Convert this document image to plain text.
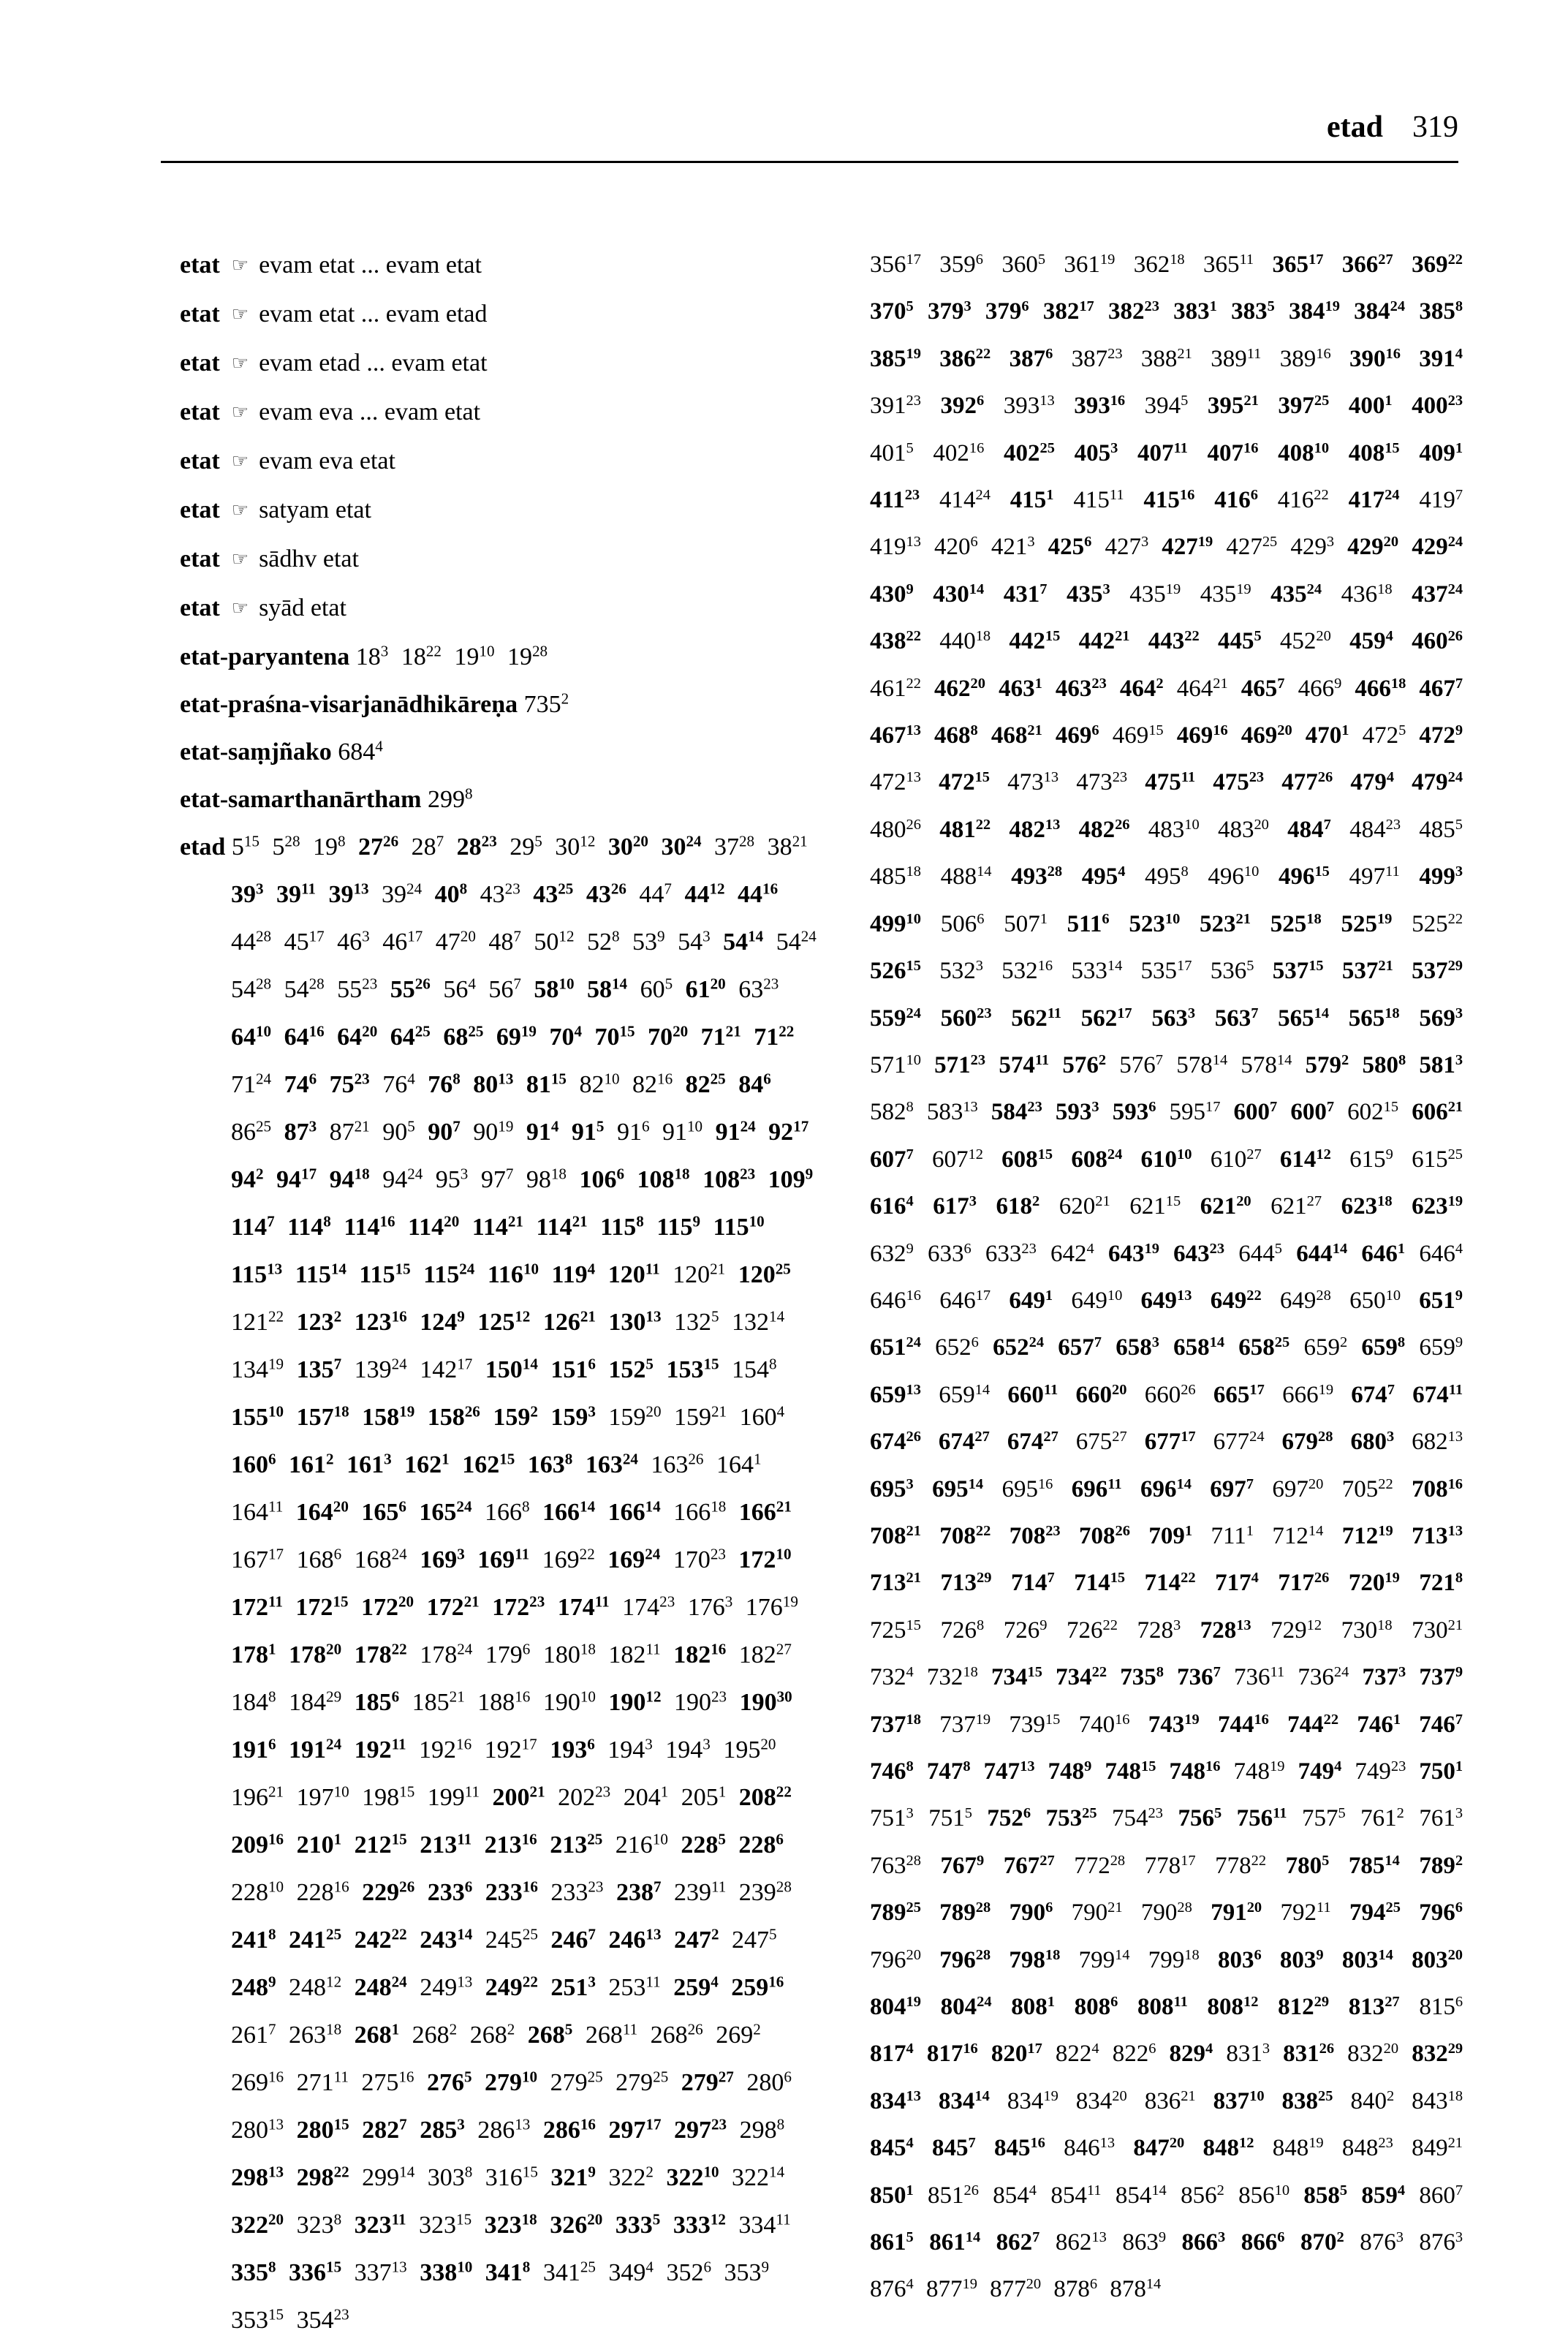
etad 319
etat ☞ evam etat ... evam etat
etat ☞ evam etat ... evam etad
etat ☞ evam etad ... evam etat
etat ☞ evam eva ... evam etat
etat ☞ evam eva etat
etat ☞ satyam etat
etat ☞ sādhv etat
etat ☞ syād etat
etat-paryantena $18^3$ $18^{22}$ $19^{10}$ $19^{28}$
etat-praśna-visarjanādhikāreṇa $735^2$
etat-saṃjñako $684^4$
etat-samarthanārtham $299^8$
etad $5^{15}$ $5^{28}$ $19^8$ $27^{26}$ $28^7$ $28^{23}$ $29^5$ $30^{12}$ $30^{20}$ $30^{24}$ $37^{28}$ $38^{21}$ $39^3$ $39^{11}$ $39^{13}$ $39^{24}$ $40^8$ $43^{23}$ $43^{25}$ $43^{26}$ $44^7$ $44^{12}$ $44^{16}$ $44^{28}$ $45^{17}$ $46^3$ $46^{17}$ $47^{20}$ $48^7$ $50^{12}$ $52^8$ $53^9$ $54^3$ $54^{14}$ $54^{24}$ $54^{28}$ $54^{28}$ $55^{23}$ $55^{26}$ $56^4$ $56^7$ $58^{10}$ $58^{14}$ $60^5$ $61^{20}$ $63^{23}$ $64^{10}$ $64^{16}$ $64^{20}$ $64^{25}$ $68^{25}$ $69^{19}$ $70^4$ $70^{15}$ $70^{20}$ $71^{21}$ $71^{22}$ $71^{24}$ $74^6$ $75^{23}$ $76^4$ $76^8$ $80^{13}$ $81^{15}$ $82^{10}$ $82^{16}$ $82^{25}$ $84^6$ $86^{25}$ $87^3$ $87^{21}$ $90^5$ $90^7$ $90^{19}$ $91^4$ $91^5$ $91^6$ $91^{10}$ $91^{24}$ $92^{17}$ $94^2$ $94^{17}$ $94^{18}$ $94^{24}$ $95^3$ $97^7$ $98^{18}$ $106^6$ $108^{18}$ $108^{23}$ $109^9$ $114^7$ $114^8$ $114^{16}$ $114^{20}$ $114^{21}$ $114^{21}$ $115^8$ $115^9$ $115^{10}$ $115^{13}$ $115^{14}$ $115^{15}$ $115^{24}$ $116^{10}$ $119^4$ $120^{11}$ $120^{21}$ $120^{25}$ $121^{22}$ $123^2$ $123^{16}$ $124^9$ $125^{12}$ $126^{21}$ $130^{13}$ $132^5$ $132^{14}$ $134^{19}$ $135^7$ $139^{24}$ $142^{17}$ $150^{14}$ $151^6$ $152^5$ $153^{15}$ $154^8$ $155^{10}$ $157^{18}$ $158^{19}$ $158^{26}$ $159^2$ $159^3$ $159^{20}$ $159^{21}$ $160^4$ $160^6$ $161^2$ $161^3$ $162^1$ $162^{15}$ $163^8$ $163^{24}$ $163^{26}$ $164^1$ $164^{11}$ $164^{20}$ $165^6$ $165^{24}$ $166^8$ $166^{14}$ $166^{14}$ $166^{18}$ $166^{21}$ $167^{17}$ $168^6$ $168^{24}$ $169^3$ $169^{11}$ $169^{22}$ $169^{24}$ $170^{23}$ $172^{10}$ $172^{11}$ $172^{15}$ $172^{20}$ $172^{21}$ $172^{23}$ $174^{11}$ $174^{23}$ $176^3$ $176^{19}$ $178^1$ $178^{20}$ $178^{22}$ $178^{24}$ $179^6$ $180^{18}$ $182^{11}$ $182^{16}$ $182^{27}$ $184^8$ $184^{29}$ $185^6$ $185^{21}$ $188^{16}$ $190^{10}$ $190^{12}$ $190^{23}$ $190^{30}$ $191^6$ $191^{24}$ $192^{11}$ $192^{16}$ $192^{17}$ $193^6$ $194^3$ $194^3$ $195^{20}$ $196^{21}$ $197^{10}$ $198^{15}$ $199^{11}$ $200^{21}$ $202^{23}$ $204^1$ $205^1$ $208^{22}$ $209^{16}$ $210^1$ $212^{15}$ $213^{11}$ $213^{16}$ $213^{25}$ $216^{10}$ $228^5$ $228^6$ $228^{10}$ $228^{16}$ $229^{26}$ $233^6$ $233^{16}$ $233^{23}$ $238^7$ $239^{11}$ $239^{28}$ $241^8$ $241^{25}$ $242^{22}$ $243^{14}$ $245^{25}$ $246^7$ $246^{13}$ $247^2$ $247^5$ $248^9$ $248^{12}$ $248^{24}$ $249^{13}$ $249^{22}$ $251^3$ $253^{11}$ $259^4$ $259^{16}$ $261^7$ $263^{18}$ $268^1$ $268^2$ $268^2$ $268^5$ $268^{11}$ $268^{26}$ $269^2$ $269^{16}$ $271^{11}$ $275^{16}$ $276^5$ $279^{10}$ $279^{25}$ $279^{25}$ $279^{27}$ $280^6$ $280^{13}$ $280^{15}$ $282^7$ $285^3$ $286^{13}$ $286^{16}$ $297^{17}$ $297^{23}$ $298^8$ $298^{13}$ $298^{22}$ $299^{14}$ $303^8$ $316^{15}$ $321^9$ $322^2$ $322^{10}$ $322^{14}$ $322^{20}$ $323^8$ $323^{11}$ $323^{15}$ $323^{18}$ $326^{20}$ $333^5$ $333^{12}$ $334^{11}$ $335^8$ $336^{15}$ $337^{13}$ $338^{10}$ $341^8$ $341^{25}$ $349^4$ $352^6$ $353^9$ $353^{15}$ $354^{23}$
$356^{17}$ $359^6$ $360^5$ $361^{19}$ $362^{18}$ $365^{11}$ $365^{17}$ $366^{27}$ $369^{22}$ $370^5$ $379^3$ $379^6$ $382^{17}$ $382^{23}$ $383^1$ $383^5$ $384^{19}$ $384^{24}$ $385^8$ $385^{19}$ $386^{22}$ $387^6$ $387^{23}$ $388^{21}$ $389^{11}$ $389^{16}$ $390^{16}$ $391^4$ $391^{23}$ $392^6$ $393^{13}$ $393^{16}$ $394^5$ $395^{21}$ $397^{25}$ $400^1$ $400^{23}$ $401^5$ $402^{16}$ $402^{25}$ $405^3$ $407^{11}$ $407^{16}$ $408^{10}$ $408^{15}$ $409^1$ $411^{23}$ $414^{24}$ $415^1$ $415^{11}$ $415^{16}$ $416^6$ $416^{22}$ $417^{24}$ $419^7$ $419^{13}$ $420^6$ $421^3$ $425^6$ $427^3$ $427^{19}$ $427^{25}$ $429^3$ $429^{20}$ $429^{24}$ $430^9$ $430^{14}$ $431^7$ $435^3$ $435^{19}$ $435^{19}$ $435^{24}$ $436^{18}$ $437^{24}$ $438^{22}$ $440^{18}$ $442^{15}$ $442^{21}$ $443^{22}$ $445^5$ $452^{20}$ $459^4$ $460^{26}$ $461^{22}$ $462^{20}$ $463^1$ $463^{23}$ $464^2$ $464^{21}$ $465^7$ $466^9$ $466^{18}$ $467^7$ $467^{13}$ $468^8$ $468^{21}$ $469^6$ $469^{15}$ $469^{16}$ $469^{20}$ $470^1$ $472^5$ $472^9$ $472^{13}$ $472^{15}$ $473^{13}$ $473^{23}$ $475^{11}$ $475^{23}$ $477^{26}$ $479^4$ $479^{24}$ $480^{26}$ $481^{22}$ $482^{13}$ $482^{26}$ $483^{10}$ $483^{20}$ $484^7$ $484^{23}$ $485^5$ $485^{18}$ $488^{14}$ $493^{28}$ $495^4$ $495^8$ $496^{10}$ $496^{15}$ $497^{11}$ $499^3$ $499^{10}$ $506^6$ $507^1$ $511^6$ $523^{10}$ $523^{21}$ $525^{18}$ $525^{19}$ $525^{22}$ $526^{15}$ $532^3$ $532^{16}$ $533^{14}$ $535^{17}$ $536^5$ $537^{15}$ $537^{21}$ $537^{29}$ $559^{24}$ $560^{23}$ $562^{11}$ $562^{17}$ $563^3$ $563^7$ $565^{14}$ $565^{18}$ $569^3$ $571^{10}$ $571^{23}$ $574^{11}$ $576^2$ $576^7$ $578^{14}$ $578^{14}$ $579^2$ $580^8$ $581^3$ $582^8$ $583^{13}$ $584^{23}$ $593^3$ $593^6$ $595^{17}$ $600^7$ $600^7$ $602^{15}$ $606^{21}$ $607^7$ $607^{12}$ $608^{15}$ $608^{24}$ $610^{10}$ $610^{27}$ $614^{12}$ $615^9$ $615^{25}$ $616^4$ $617^3$ $618^2$ $620^{21}$ $621^{15}$ $621^{20}$ $621^{27}$ $623^{18}$ $623^{19}$ $632^9$ $633^6$ $633^{23}$ $642^4$ $643^{19}$ $643^{23}$ $644^5$ $644^{14}$ $646^1$ $646^4$ $646^{16}$ $646^{17}$ $649^1$ $649^{10}$ $649^{13}$ $649^{22}$ $649^{28}$ $650^{10}$ $651^9$ $651^{24}$ $652^6$ $652^{24}$ $657^7$ $658^3$ $658^{14}$ $658^{25}$ $659^2$ $659^8$ $659^9$ $659^{13}$ $659^{14}$ $660^{11}$ $660^{20}$ $660^{26}$ $665^{17}$ $666^{19}$ $674^7$ $674^{11}$ $674^{26}$ $674^{27}$ $674^{27}$ $675^{27}$ $677^{17}$ $677^{24}$ $679^{28}$ $680^3$ $682^{13}$ $695^3$ $695^{14}$ $695^{16}$ $696^{11}$ $696^{14}$ $697^7$ $697^{20}$ $705^{22}$ $708^{16}$ $708^{21}$ $708^{22}$ $708^{23}$ $708^{26}$ $709^1$ $711^1$ $712^{14}$ $712^{19}$ $713^{13}$ $713^{21}$ $713^{29}$ $714^7$ $714^{15}$ $714^{22}$ $717^4$ $717^{26}$ $720^{19}$ $721^8$ $725^{15}$ $726^8$ $726^9$ $726^{22}$ $728^3$ $728^{13}$ $729^{12}$ $730^{18}$ $730^{21}$ $732^4$ $732^{18}$ $734^{15}$ $734^{22}$ $735^8$ $736^7$ $736^{11}$ $736^{24}$ $737^3$ $737^9$ $737^{18}$ $737^{19}$ $739^{15}$ $740^{16}$ $743^{19}$ $744^{16}$ $744^{22}$ $746^1$ $746^7$ $746^8$ $747^8$ $747^{13}$ $748^9$ $748^{15}$ $748^{16}$ $748^{19}$ $749^4$ $749^{23}$ $750^1$ $751^3$ $751^5$ $752^6$ $753^{25}$ $754^{23}$ $756^5$ $756^{11}$ $757^5$ $761^2$ $761^3$ $763^{28}$ $767^9$ $767^{27}$ $772^{28}$ $778^{17}$ $778^{22}$ $780^5$ $785^{14}$ $789^2$ $789^{25}$ $789^{28}$ $790^6$ $790^{21}$ $790^{28}$ $791^{20}$ $792^{11}$ $794^{25}$ $796^6$ $796^{20}$ $796^{28}$ $798^{18}$ $799^{14}$ $799^{18}$ $803^6$ $803^9$ $803^{14}$ $803^{20}$ $804^{19}$ $804^{24}$ $808^1$ $808^6$ $808^{11}$ $808^{12}$ $812^{29}$ $813^{27}$ $815^6$ $817^4$ $817^{16}$ $820^{17}$ $822^4$ $822^6$ $829^4$ $831^3$ $831^{26}$ $832^{20}$ $832^{29}$ $834^{13}$ $834^{14}$ $834^{19}$ $834^{20}$ $836^{21}$ $837^{10}$ $838^{25}$ $840^2$ $843^{18}$ $845^4$ $845^7$ $845^{16}$ $846^{13}$ $847^{20}$ $848^{12}$ $848^{19}$ $848^{23}$ $849^{21}$ $850^1$ $851^{26}$ $854^4$ $854^{11}$ $854^{14}$ $856^2$ $856^{10}$ $858^5$ $859^4$ $860^7$ $861^5$ $861^{14}$ $862^7$ $862^{13}$ $863^9$ $866^3$ $866^6$ $870^2$ $876^3$ $876^3$ $876^4$ $877^{19}$ $877^{20}$ $878^6$ $878^{14}$
